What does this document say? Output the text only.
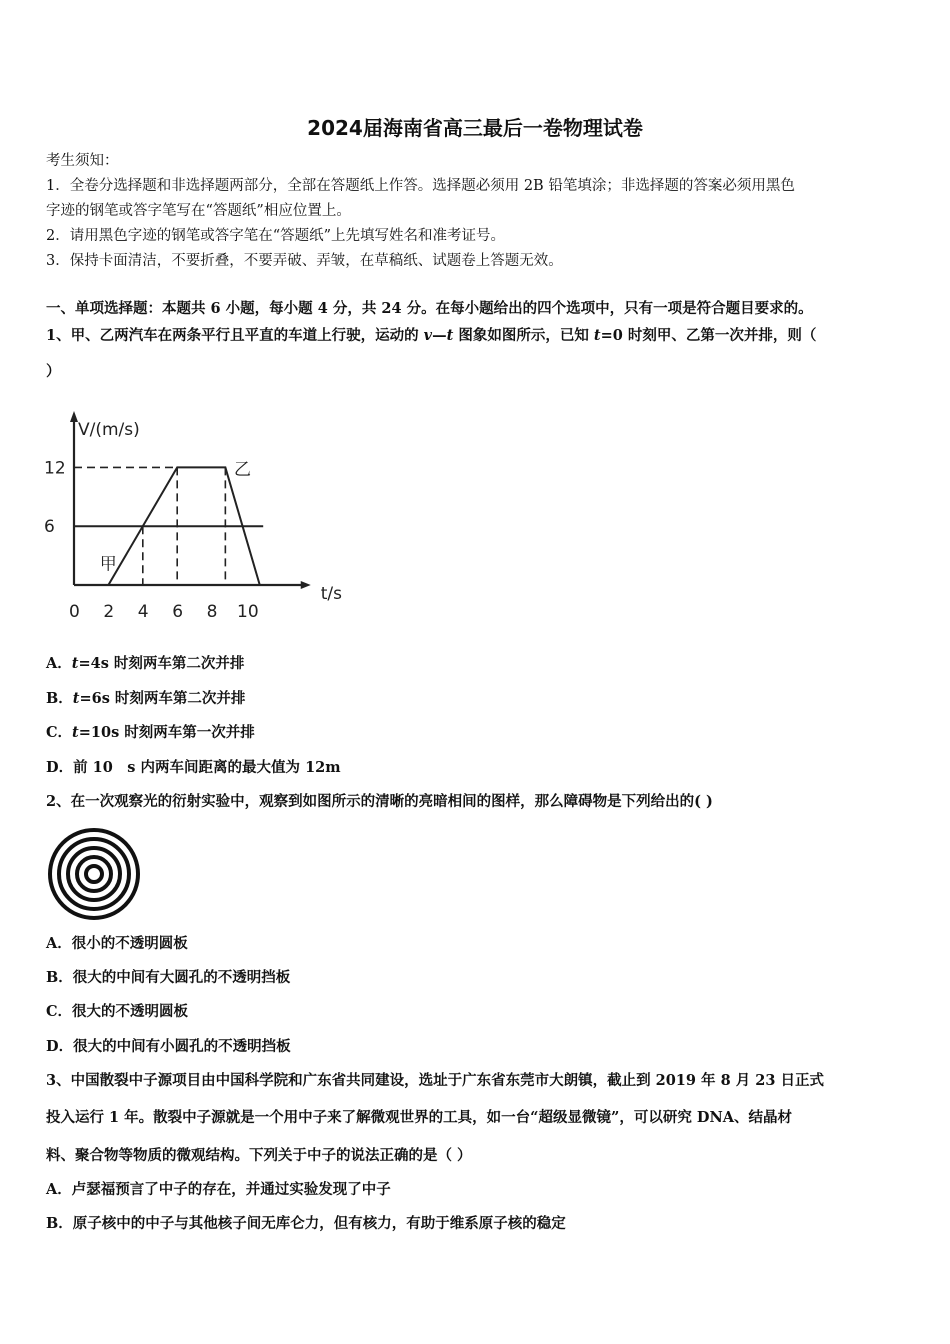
2024届海南省高三最后一卷物理试卷
考生须知：
1．全卷分选择题和非选择题两部分，全部在答题纸上作答。选择题必须用 2B 铅笔填涂；非选择题的答案必须用黑色
字迹的钢笔或答字笔写在“答题纸”相应位置上。
2．请用黑色字迹的钢笔或答字笔在“答题纸”上先填写姓名和准考证号。
3．保持卡面清洁，不要折叠，不要弄破、弄皱，在草稿纸、试题卷上答题无效。
一、单项选择题：本题共 6 小题，每小题 4 分，共 24 分。在每小题给出的四个选项中，只有一项是符合题目要求的。
1、甲、乙两汽车在两条平行且平直的车道上行驶，运动的 v—t 图象如图所示，已知 t=0 时刻甲、乙第一次并排，则（
）
甲
乙
12
6
0 2 4 6 8 10
V/(m/s)
t/s
A．t=4s 时刻两车第二次并排
B．t=6s 时刻两车第二次并排
C．t=10s 时刻两车第一次并排
D．前 10　s 内两车间距离的最大值为 12m
2、在一次观察光的衍射实验中，观察到如图所示的清晰的亮暗相间的图样，那么障碍物是下列给出的( )
A．很小的不透明圆板
B．很大的中间有大圆孔的不透明挡板
C．很大的不透明圆板
D．很大的中间有小圆孔的不透明挡板
3、中国散裂中子源项目由中国科学院和广东省共同建设，选址于广东省东莞市大朗镇，截止到 2019 年 8 月 23 日正式
投入运行 1 年。散裂中子源就是一个用中子来了解微观世界的工具，如一台“超级显微镜”，可以研究 DNA、结晶材
料、聚合物等物质的微观结构。下列关于中子的说法正确的是（ ）
A．卢瑟福预言了中子的存在，并通过实验发现了中子
B．原子核中的中子与其他核子间无库仑力，但有核力，有助于维系原子核的稳定
